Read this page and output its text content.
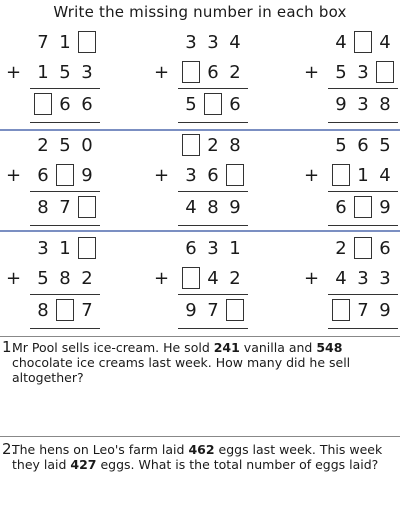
Write the missing number in each box
7 1
+ 1 5 3
6 6
3 3 4
+ 6 2
5 6
4 4
+ 5 3
9 3 8
2 5 0
+ 6 9
8 7
2 8
+ 3 6
4 8 9
5 6 5
+ 1 4
6 9
3 1
+ 5 8 2
8 7
6 3 1
+ 4 2
9 7
2 6
+ 4 3 3
7 9
1.
Mr Pool sells ice-cream. He sold 241 vanilla and 548 chocolate ice creams last week. How many did he sell altogether?
2.
The hens on Leo's farm laid 462 eggs last week. This week they laid 427 eggs. What is the total number of eggs laid?
